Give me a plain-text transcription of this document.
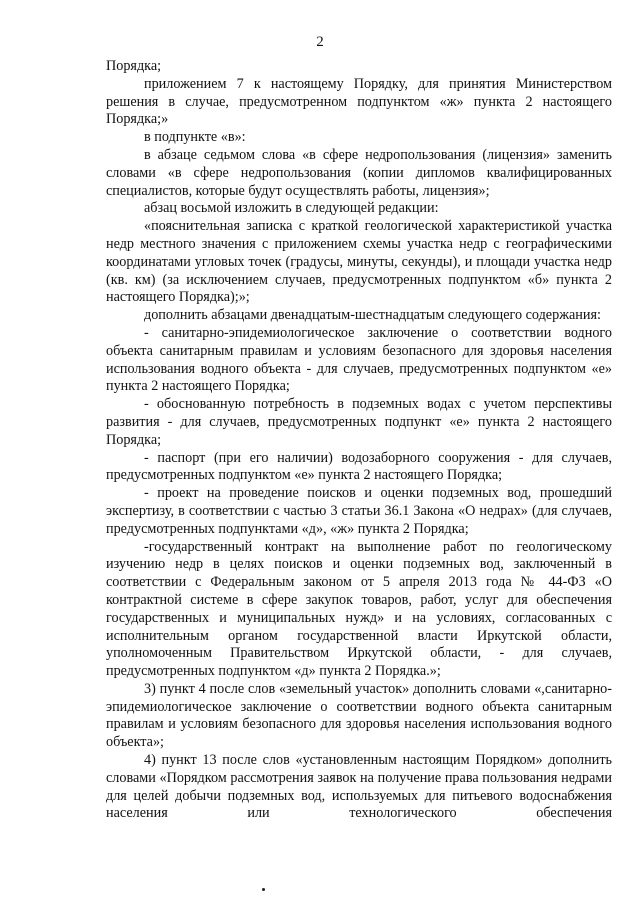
2

Порядка;

приложением 7 к настоящему Порядку, для принятия Министерством решения в случае, предусмотренном подпунктом «ж» пункта 2 настоящего Порядка;»

в подпункте «в»:

в абзаце седьмом слова «в сфере недропользования (лицензия» заменить словами «в сфере недропользования (копии дипломов квалифицированных специалистов, которые будут осуществлять работы, лицензия»;

абзац восьмой изложить в следующей редакции:

«пояснительная записка с краткой геологической характеристикой участка недр местного значения с приложением схемы участка недр с географическими координатами угловых точек (градусы, минуты, секунды), и площади участка недр (кв. км) (за исключением случаев, предусмотренных подпунктом «б» пункта 2 настоящего Порядка);»;

дополнить абзацами двенадцатым-шестнадцатым следующего содержания:

- санитарно-эпидемиологическое заключение о соответствии водного объекта санитарным правилам и условиям безопасного для здоровья населения использования водного объекта - для случаев, предусмотренных подпунктом «е» пункта 2 настоящего Порядка;

- обоснованную потребность в подземных водах с учетом перспективы развития - для случаев, предусмотренных подпункт «е» пункта 2 настоящего Порядка;

- паспорт (при его наличии) водозаборного сооружения - для случаев, предусмотренных подпунктом «е» пункта 2 настоящего Порядка;

- проект на проведение поисков и оценки подземных вод, прошедший экспертизу, в соответствии с частью 3 статьи 36.1 Закона «О недрах» (для случаев, предусмотренных подпунктами «д», «ж» пункта 2 Порядка;

-государственный контракт на выполнение работ по геологическому изучению недр в целях поисков и оценки подземных вод, заключенный в соответствии с Федеральным законом от 5 апреля 2013 года № 44-ФЗ «О контрактной системе в сфере закупок товаров, работ, услуг для обеспечения государственных и муниципальных нужд» и на условиях, согласованных с исполнительным органом государственной власти Иркутской области, уполномоченным Правительством Иркутской области, - для случаев, предусмотренных подпунктом «д» пункта 2 Порядка.»;

3) пункт 4 после слов «земельный участок» дополнить словами «,санитарно-эпидемиологическое заключение о соответствии водного объекта санитарным правилам и условиям безопасного для здоровья населения использования водного объекта»;

4) пункт 13 после слов «установленным настоящим Порядком» дополнить словами «Порядком рассмотрения заявок на получение права пользования недрами для целей добычи подземных вод, используемых для питьевого водоснабжения населения или технологического обеспечения
